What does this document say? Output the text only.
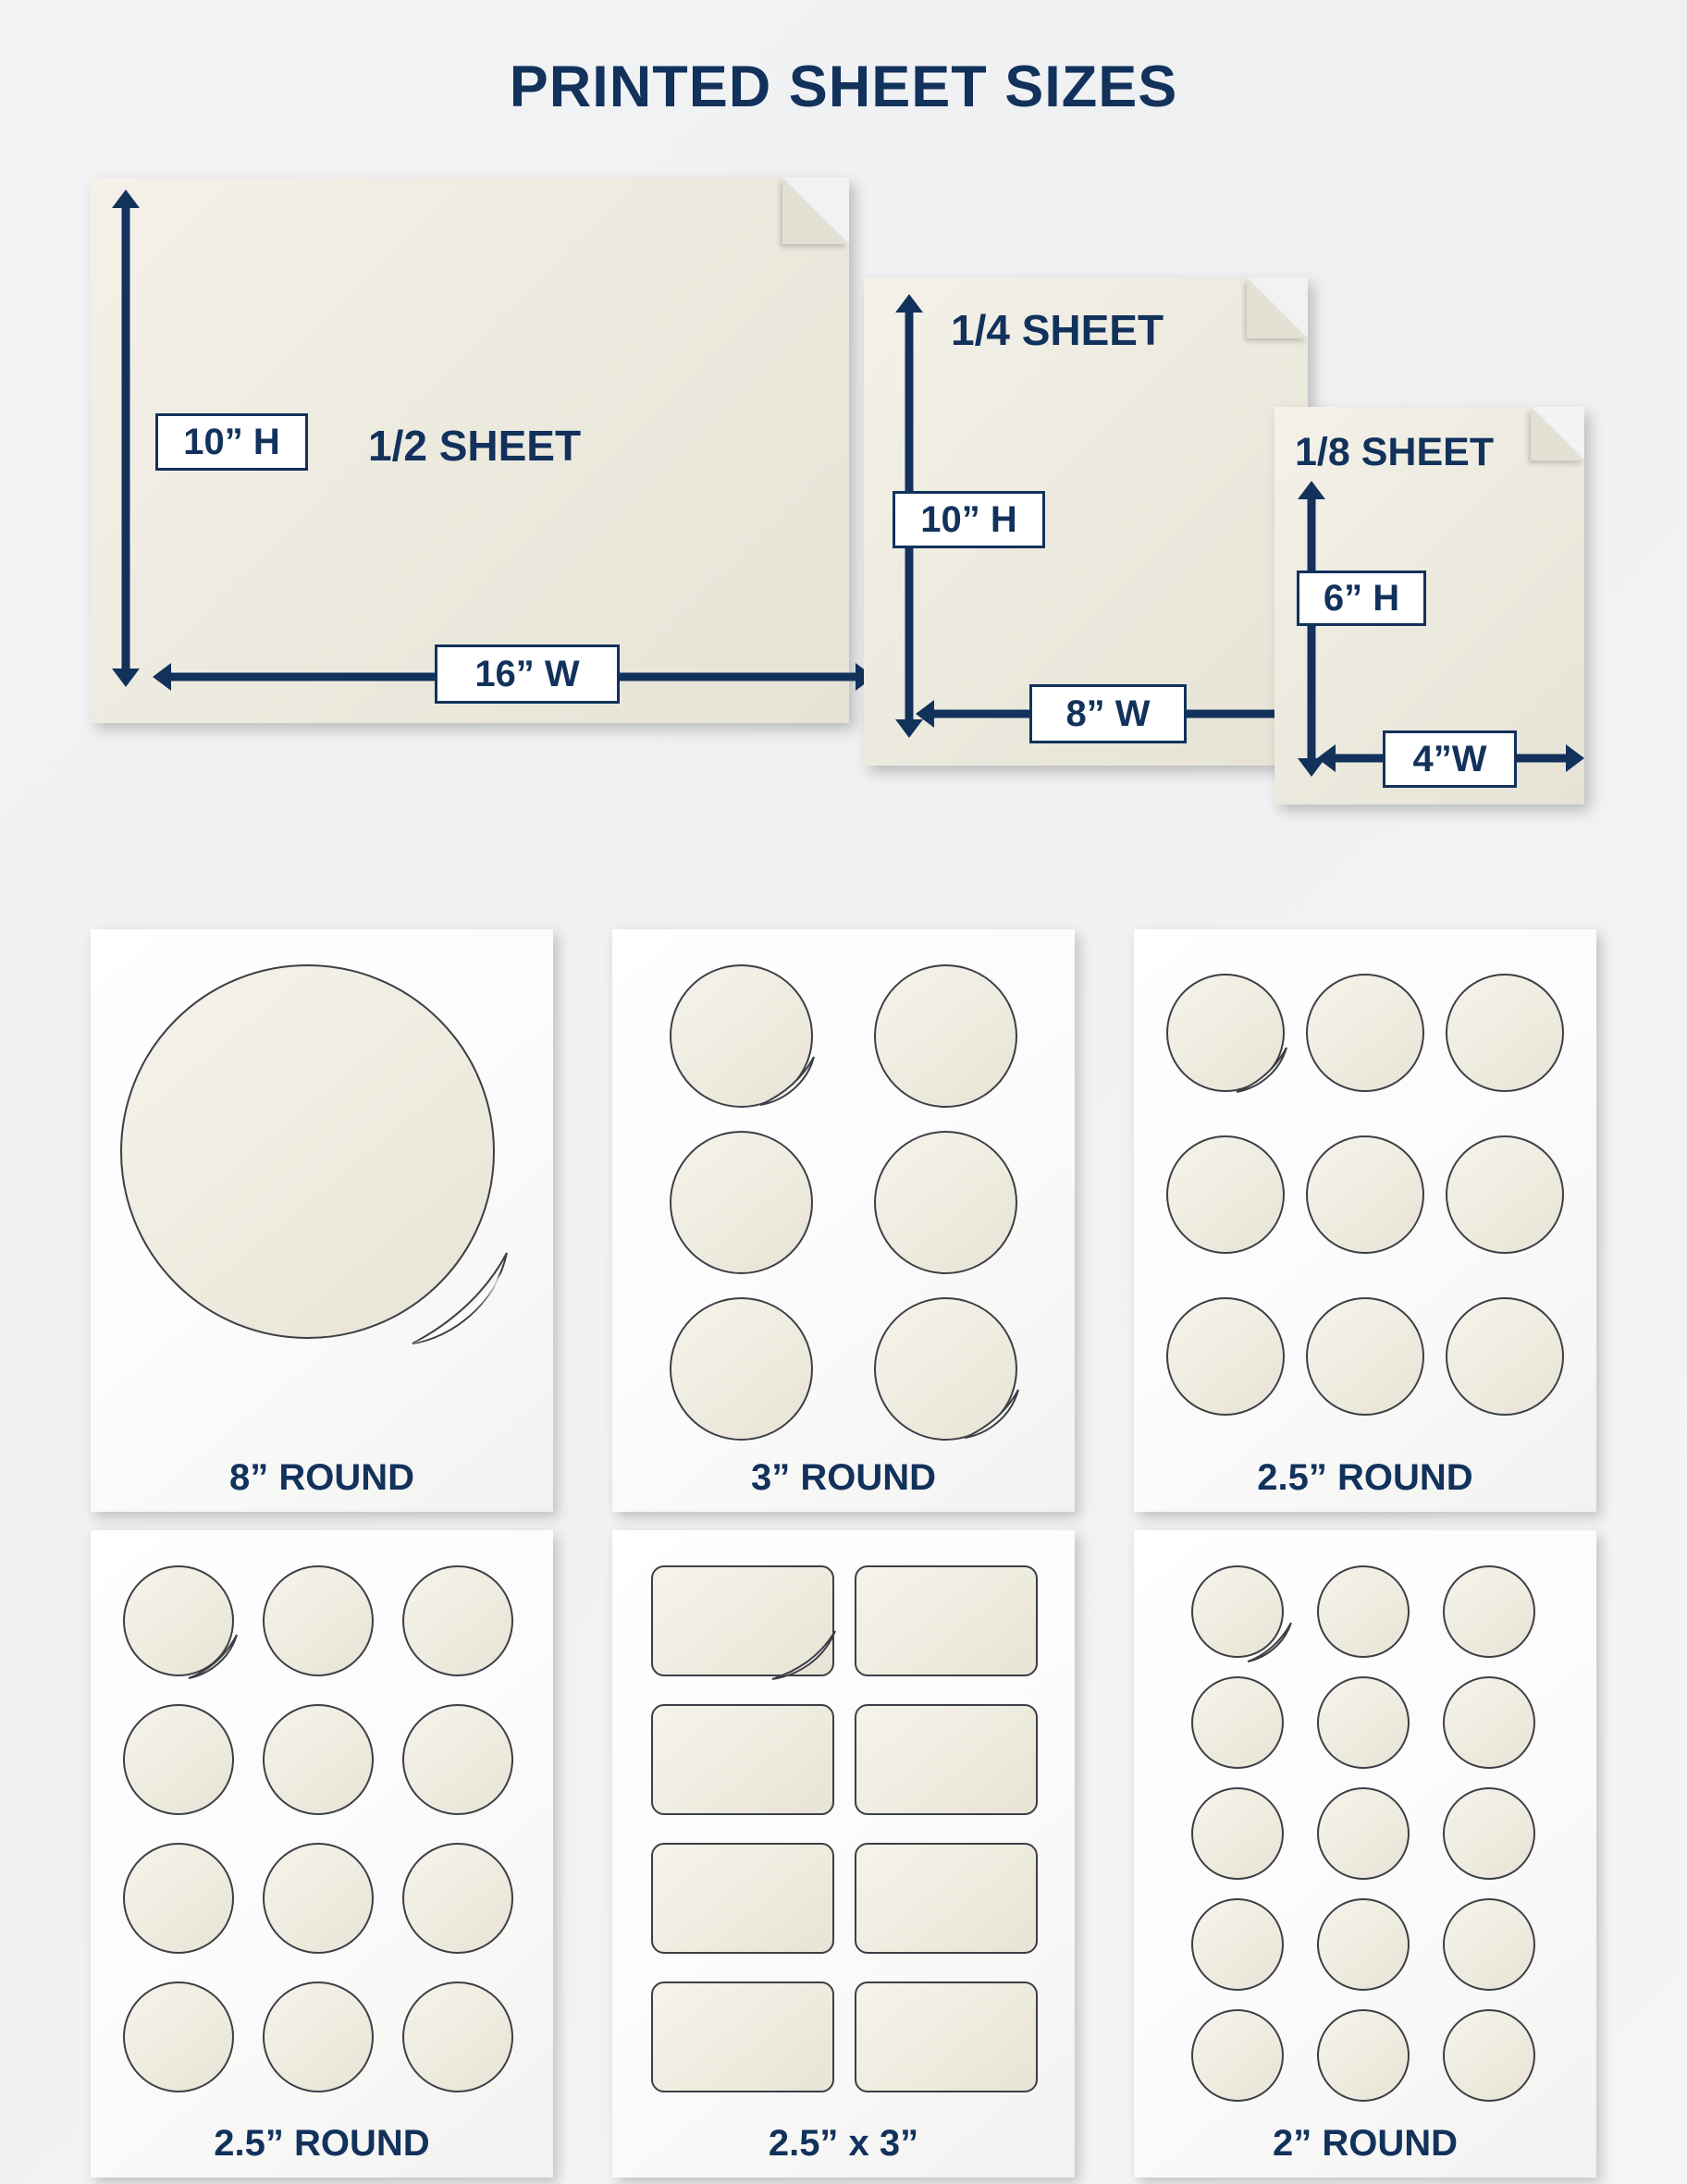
PRINTED SHEET SIZES
1/2 SHEET
10” H
16” W
1/4 SHEET
10” H
8” W
1/8 SHEET
6” H
4”W
8” ROUND	3” ROUND	2.5” ROUND
2.5” ROUND	2.5” x 3”	2” ROUND
